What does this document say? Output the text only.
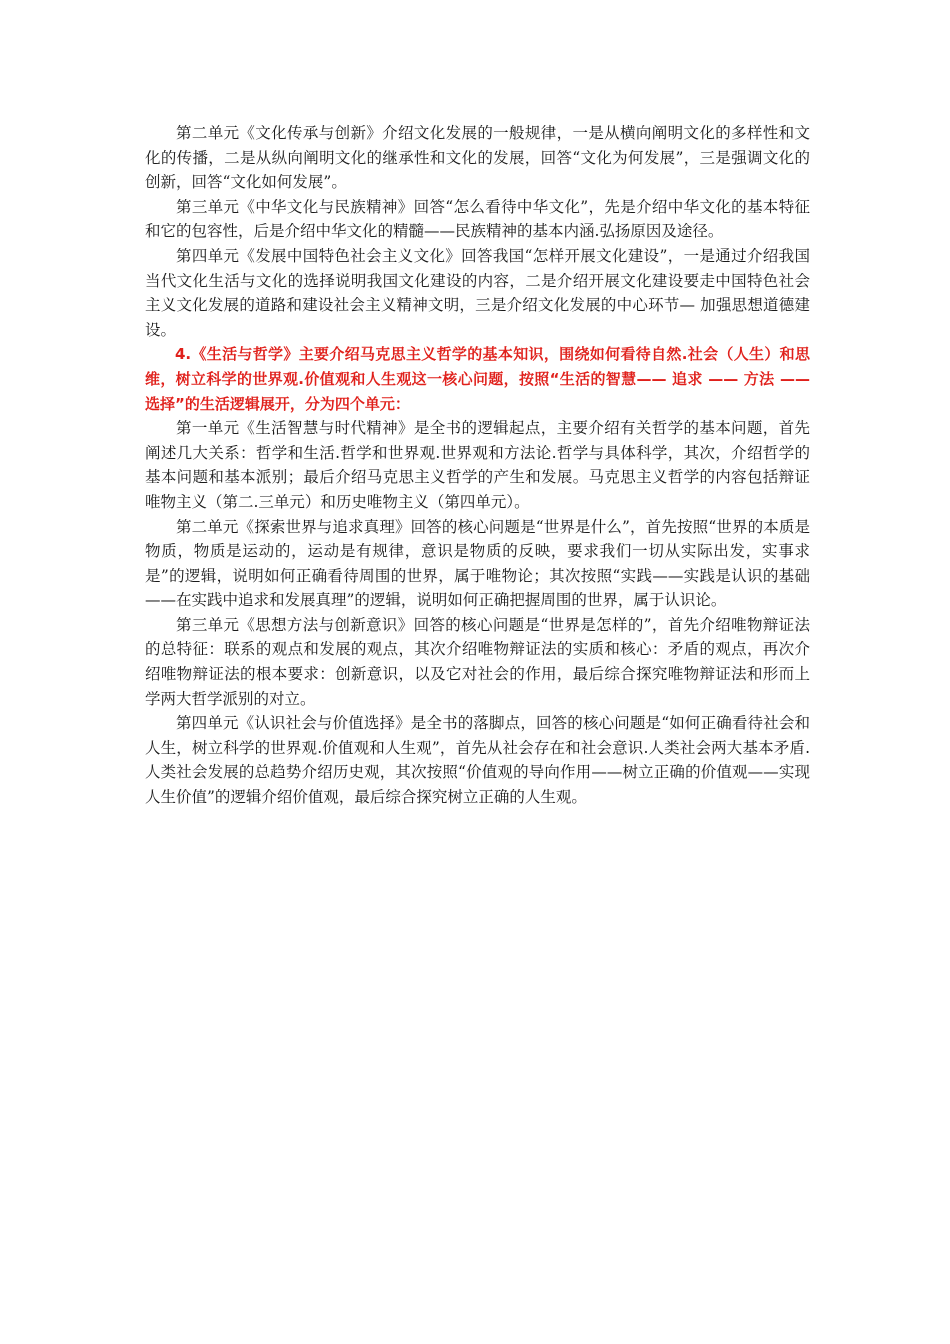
第二单元《文化传承与创新》介绍文化发展的一般规律，一是从横向阐明文化的多样性和文化的传播，二是从纵向阐明文化的继承性和文化的发展，回答“文化为何发展”，三是强调文化的创新，回答“文化如何发展”。

第三单元《中华文化与民族精神》回答“怎么看待中华文化”，先是介绍中华文化的基本特征和它的包容性，后是介绍中华文化的精髓——民族精神的基本内涵.弘扬原因及途径。

第四单元《发展中国特色社会主义文化》回答我国“怎样开展文化建设”，一是通过介绍我国当代文化生活与文化的选择说明我国文化建设的内容，二是介绍开展文化建设要走中国特色社会主义文化发展的道路和建设社会主义精神文明，三是介绍文化发展的中心环节— 加强思想道德建设。

4.《生活与哲学》主要介绍马克思主义哲学的基本知识，围绕如何看待自然.社会（人生）和思维，树立科学的世界观.价值观和人生观这一核心问题，按照“生活的智慧—— 追求 —— 方法 —— 选择”的生活逻辑展开，分为四个单元：

第一单元《生活智慧与时代精神》是全书的逻辑起点，主要介绍有关哲学的基本问题，首先阐述几大关系：哲学和生活.哲学和世界观.世界观和方法论.哲学与具体科学，其次，介绍哲学的基本问题和基本派别；最后介绍马克思主义哲学的产生和发展。马克思主义哲学的内容包括辩证唯物主义（第二.三单元）和历史唯物主义（第四单元）。

第二单元《探索世界与追求真理》回答的核心问题是“世界是什么”，首先按照“世界的本质是物质，物质是运动的，运动是有规律，意识是物质的反映，要求我们一切从实际出发，实事求是”的逻辑，说明如何正确看待周围的世界，属于唯物论；其次按照“实践——实践是认识的基础——在实践中追求和发展真理”的逻辑，说明如何正确把握周围的世界，属于认识论。

第三单元《思想方法与创新意识》回答的核心问题是“世界是怎样的”，首先介绍唯物辩证法的总特征：联系的观点和发展的观点，其次介绍唯物辩证法的实质和核心：矛盾的观点，再次介绍唯物辩证法的根本要求：创新意识，以及它对社会的作用，最后综合探究唯物辩证法和形而上学两大哲学派别的对立。

第四单元《认识社会与价值选择》是全书的落脚点，回答的核心问题是“如何正确看待社会和人生，树立科学的世界观.价值观和人生观”，首先从社会存在和社会意识.人类社会两大基本矛盾.人类社会发展的总趋势介绍历史观，其次按照“价值观的导向作用——树立正确的价值观——实现人生价值”的逻辑介绍价值观，最后综合探究树立正确的人生观。
